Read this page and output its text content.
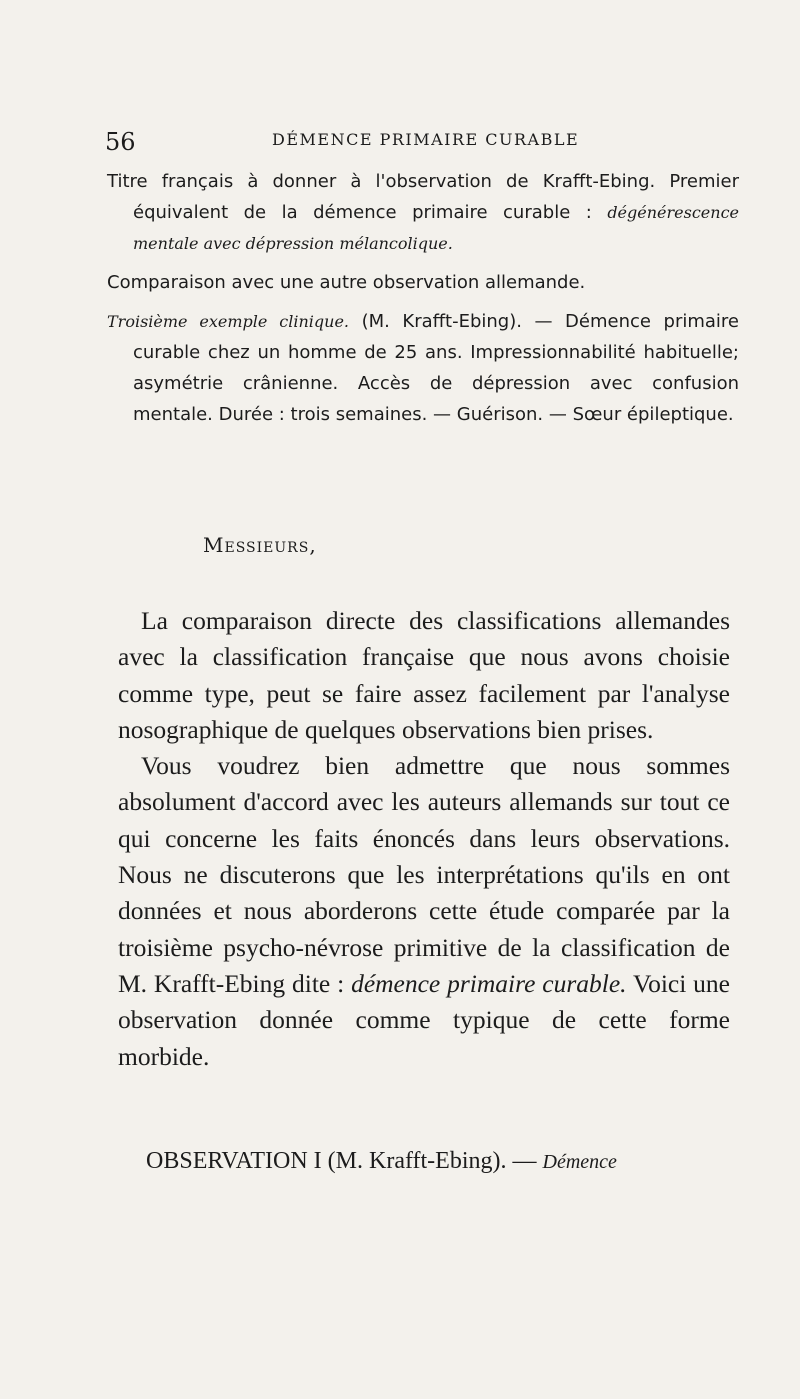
56	DÉMENCE PRIMAIRE CURABLE

Titre français à donner à l'observation de Krafft-Ebing. Premier équivalent de la démence primaire curable : dégénérescence mentale avec dépression mélancolique.

Comparaison avec une autre observation allemande.

Troisième exemple clinique. (M. Krafft-Ebing). — Démence primaire curable chez un homme de 25 ans. Impressionnabilité habituelle; asymétrie crânienne. Accès de dépression avec confusion mentale. Durée : trois semaines. — Guérison. — Sœur épileptique.

Messieurs,

La comparaison directe des classifications allemandes avec la classification française que nous avons choisie comme type, peut se faire assez facilement par l'analyse nosographique de quelques observations bien prises.

Vous voudrez bien admettre que nous sommes absolument d'accord avec les auteurs allemands sur tout ce qui concerne les faits énoncés dans leurs observations. Nous ne discuterons que les interprétations qu'ils en ont données et nous aborderons cette étude comparée par la troisième psycho-névrose primitive de la classification de M. Krafft-Ebing dite : démence primaire curable. Voici une observation donnée comme typique de cette forme morbide.

OBSERVATION I (M. Krafft-Ebing). — Démence
